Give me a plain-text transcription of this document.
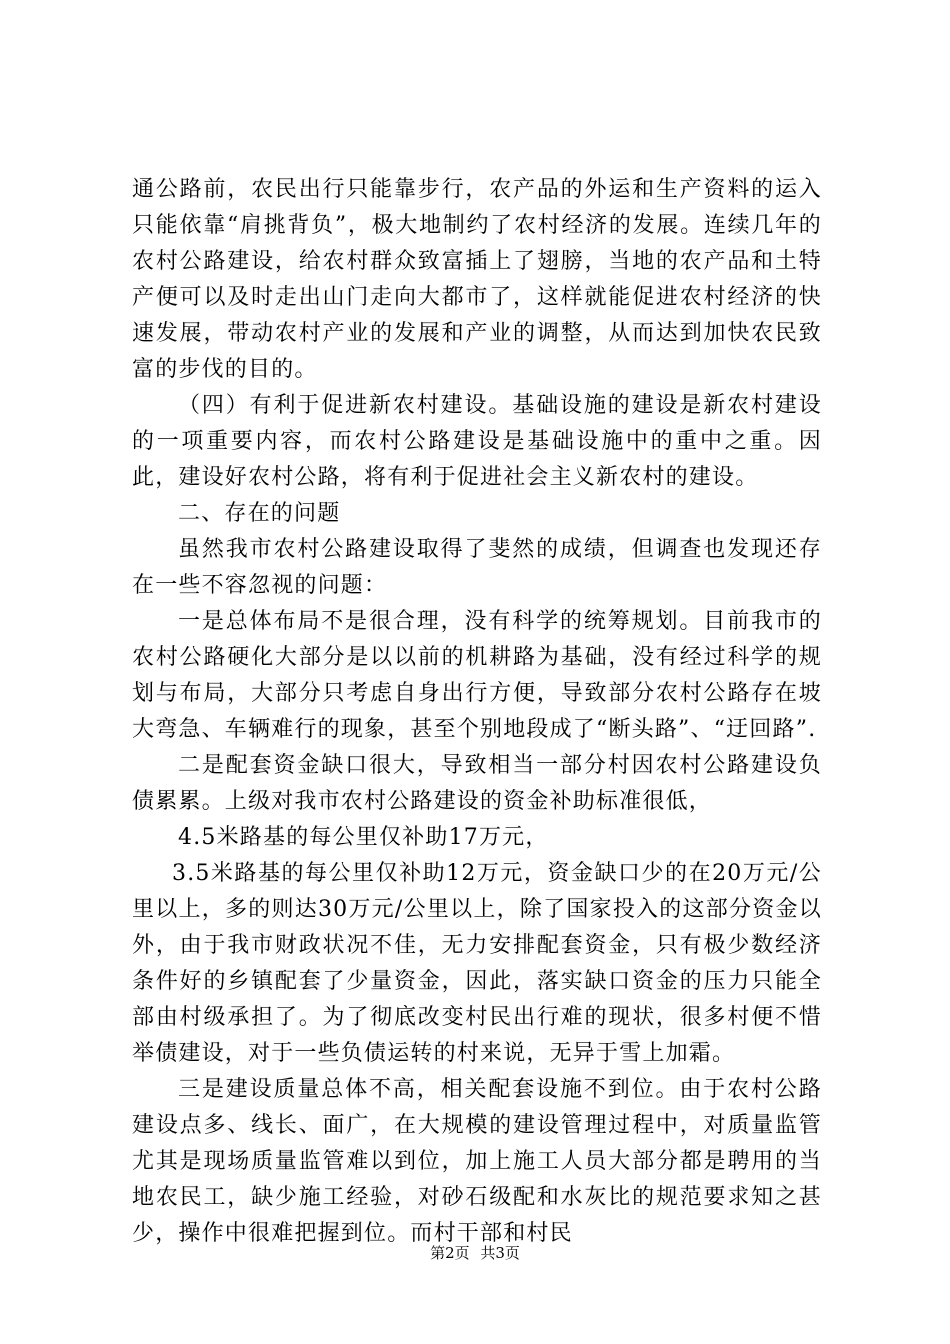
通公路前，农民出行只能靠步行，农产品的外运和生产资料的运入只能依靠“肩挑背负”，极大地制约了农村经济的发展。连续几年的农村公路建设，给农村群众致富插上了翅膀，当地的农产品和土特产便可以及时走出山门走向大都市了，这样就能促进农村经济的快速发展，带动农村产业的发展和产业的调整，从而达到加快农民致富的步伐的目的。

（四）有利于促进新农村建设。基础设施的建设是新农村建设的一项重要内容，而农村公路建设是基础设施中的重中之重。因此，建设好农村公路，将有利于促进社会主义新农村的建设。

二、存在的问题

虽然我市农村公路建设取得了斐然的成绩，但调查也发现还存在一些不容忽视的问题：

一是总体布局不是很合理，没有科学的统筹规划。目前我市的农村公路硬化大部分是以以前的机耕路为基础，没有经过科学的规划与布局，大部分只考虑自身出行方便，导致部分农村公路存在坡大弯急、车辆难行的现象，甚至个别地段成了“断头路”、“迂回路”.

二是配套资金缺口很大，导致相当一部分村因农村公路建设负债累累。上级对我市农村公路建设的资金补助标准很低，

4.5米路基的每公里仅补助17万元，

3.5米路基的每公里仅补助12万元，资金缺口少的在20万元/公里以上，多的则达30万元/公里以上，除了国家投入的这部分资金以外，由于我市财政状况不佳，无力安排配套资金，只有极少数经济条件好的乡镇配套了少量资金，因此，落实缺口资金的压力只能全部由村级承担了。为了彻底改变村民出行难的现状，很多村便不惜举债建设，对于一些负债运转的村来说，无异于雪上加霜。

三是建设质量总体不高，相关配套设施不到位。由于农村公路建设点多、线长、面广，在大规模的建设管理过程中，对质量监管尤其是现场质量监管难以到位，加上施工人员大部分都是聘用的当地农民工，缺少施工经验，对砂石级配和水灰比的规范要求知之甚少，操作中很难把握到位。而村干部和村民

第2页 共3页
